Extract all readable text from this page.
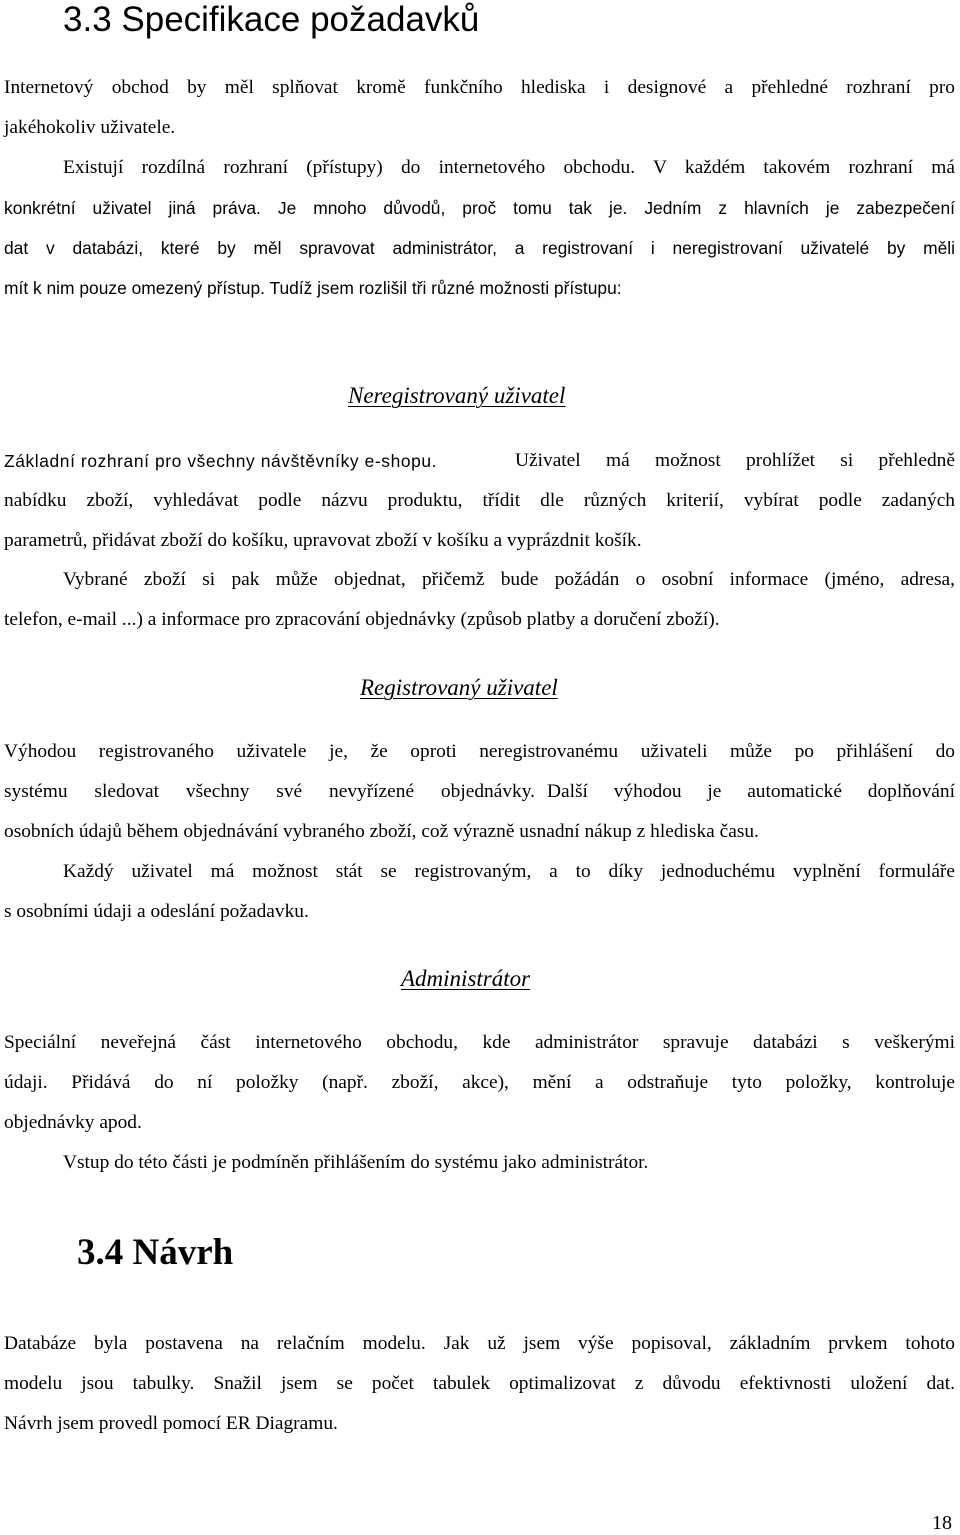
3.3 Specifikace požadavků
Internetový obchod by měl splňovat kromě funkčního hlediska i designové a přehledné rozhraní pro
jakéhokoliv uživatele.
Existují rozdílná rozhraní (přístupy) do internetového obchodu. V každém takovém rozhraní má
konkrétní uživatel jiná práva. Je mnoho důvodů, proč tomu tak je. Jedním z hlavních je zabezpečení
dat v databázi, které by měl spravovat administrátor, a registrovaní i neregistrovaní uživatelé by měli
mít k nim pouze omezený přístup. Tudíž jsem rozlišil tři různé možnosti přístupu:
Neregistrovaný uživatel
Základní rozhraní pro všechny návštěvníky e-shopu.	Uživatel má možnost prohlížet si přehledně
nabídku zboží, vyhledávat podle názvu produktu, třídit dle různých kriterií, vybírat podle zadaných
parametrů, přidávat zboží do košíku, upravovat zboží v košíku a vyprázdnit košík.
Vybrané zboží si pak může objednat, přičemž bude požádán o osobní informace (jméno, adresa,
telefon, e-mail ...) a informace pro zpracování objednávky (způsob platby a doručení zboží).
Registrovaný uživatel
Výhodou registrovaného uživatele je, že oproti neregistrovanému uživateli může po přihlášení do
systému sledovat všechny své nevyřízené objednávky. Další výhodou je automatické doplňování
osobních údajů během objednávání vybraného zboží, což výrazně usnadní nákup z hlediska času.
Každý uživatel má možnost stát se registrovaným, a to díky jednoduchému vyplnění formuláře
s osobními údaji a odeslání požadavku.
Administrátor
Speciální neveřejná část internetového obchodu, kde administrátor spravuje databázi s veškerými
údaji. Přidává do ní položky (např. zboží, akce), mění a odstraňuje tyto položky, kontroluje
objednávky apod.
Vstup do této části je podmíněn přihlášením do systému jako administrátor.
3.4 Návrh
Databáze byla postavena na relačním modelu. Jak už jsem výše popisoval, základním prvkem tohoto
modelu jsou tabulky. Snažil jsem se počet tabulek optimalizovat z důvodu efektivnosti uložení dat.
Návrh jsem provedl pomocí ER Diagramu.
18
